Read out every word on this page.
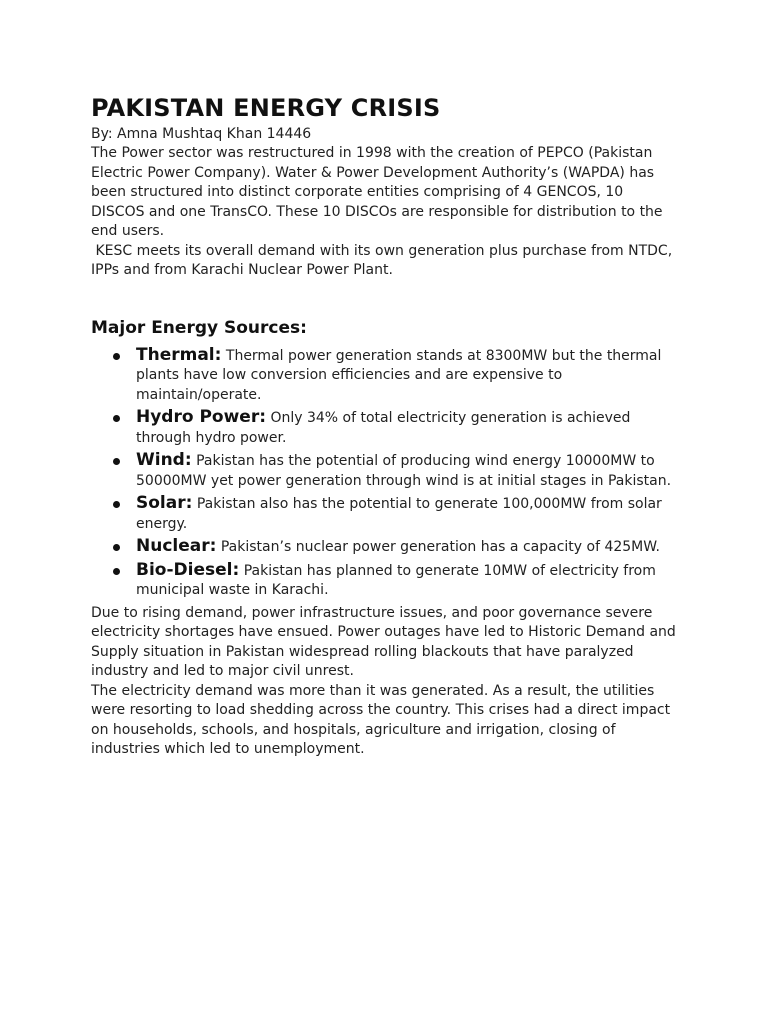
PAKISTAN ENERGY CRISIS

By: Amna Mushtaq Khan 14446

The Power sector was restructured in 1998 with the creation of PEPCO (Pakistan Electric Power Company). Water & Power Development Authority’s (WAPDA) has been structured into distinct corporate entities comprising of 4 GENCOS, 10 DISCOS and one TransCO. These 10 DISCOs are responsible for distribution to the end users.

KESC meets its overall demand with its own generation plus purchase from NTDC, IPPs and from Karachi Nuclear Power Plant.

Major Energy Sources:
Thermal: Thermal power generation stands at 8300MW but the thermal plants have low conversion efficiencies and are expensive to maintain/operate.
Hydro Power: Only 34% of total electricity generation is achieved through hydro power.
Wind: Pakistan has the potential of producing wind energy 10000MW to 50000MW yet power generation through wind is at initial stages in Pakistan.
Solar: Pakistan also has the potential to generate 100,000MW from solar energy.
Nuclear: Pakistan’s nuclear power generation has a capacity of 425MW.
Bio-Diesel: Pakistan has planned to generate 10MW of electricity from municipal waste in Karachi.

Due to rising demand, power infrastructure issues, and poor governance severe electricity shortages have ensued. Power outages have led to Historic Demand and Supply situation in Pakistan widespread rolling blackouts that have paralyzed industry and led to major civil unrest.

The electricity demand was more than it was generated. As a result, the utilities were resorting to load shedding across the country. This crises had a direct impact on households, schools, and hospitals, agriculture and irrigation, closing of industries which led to unemployment.
